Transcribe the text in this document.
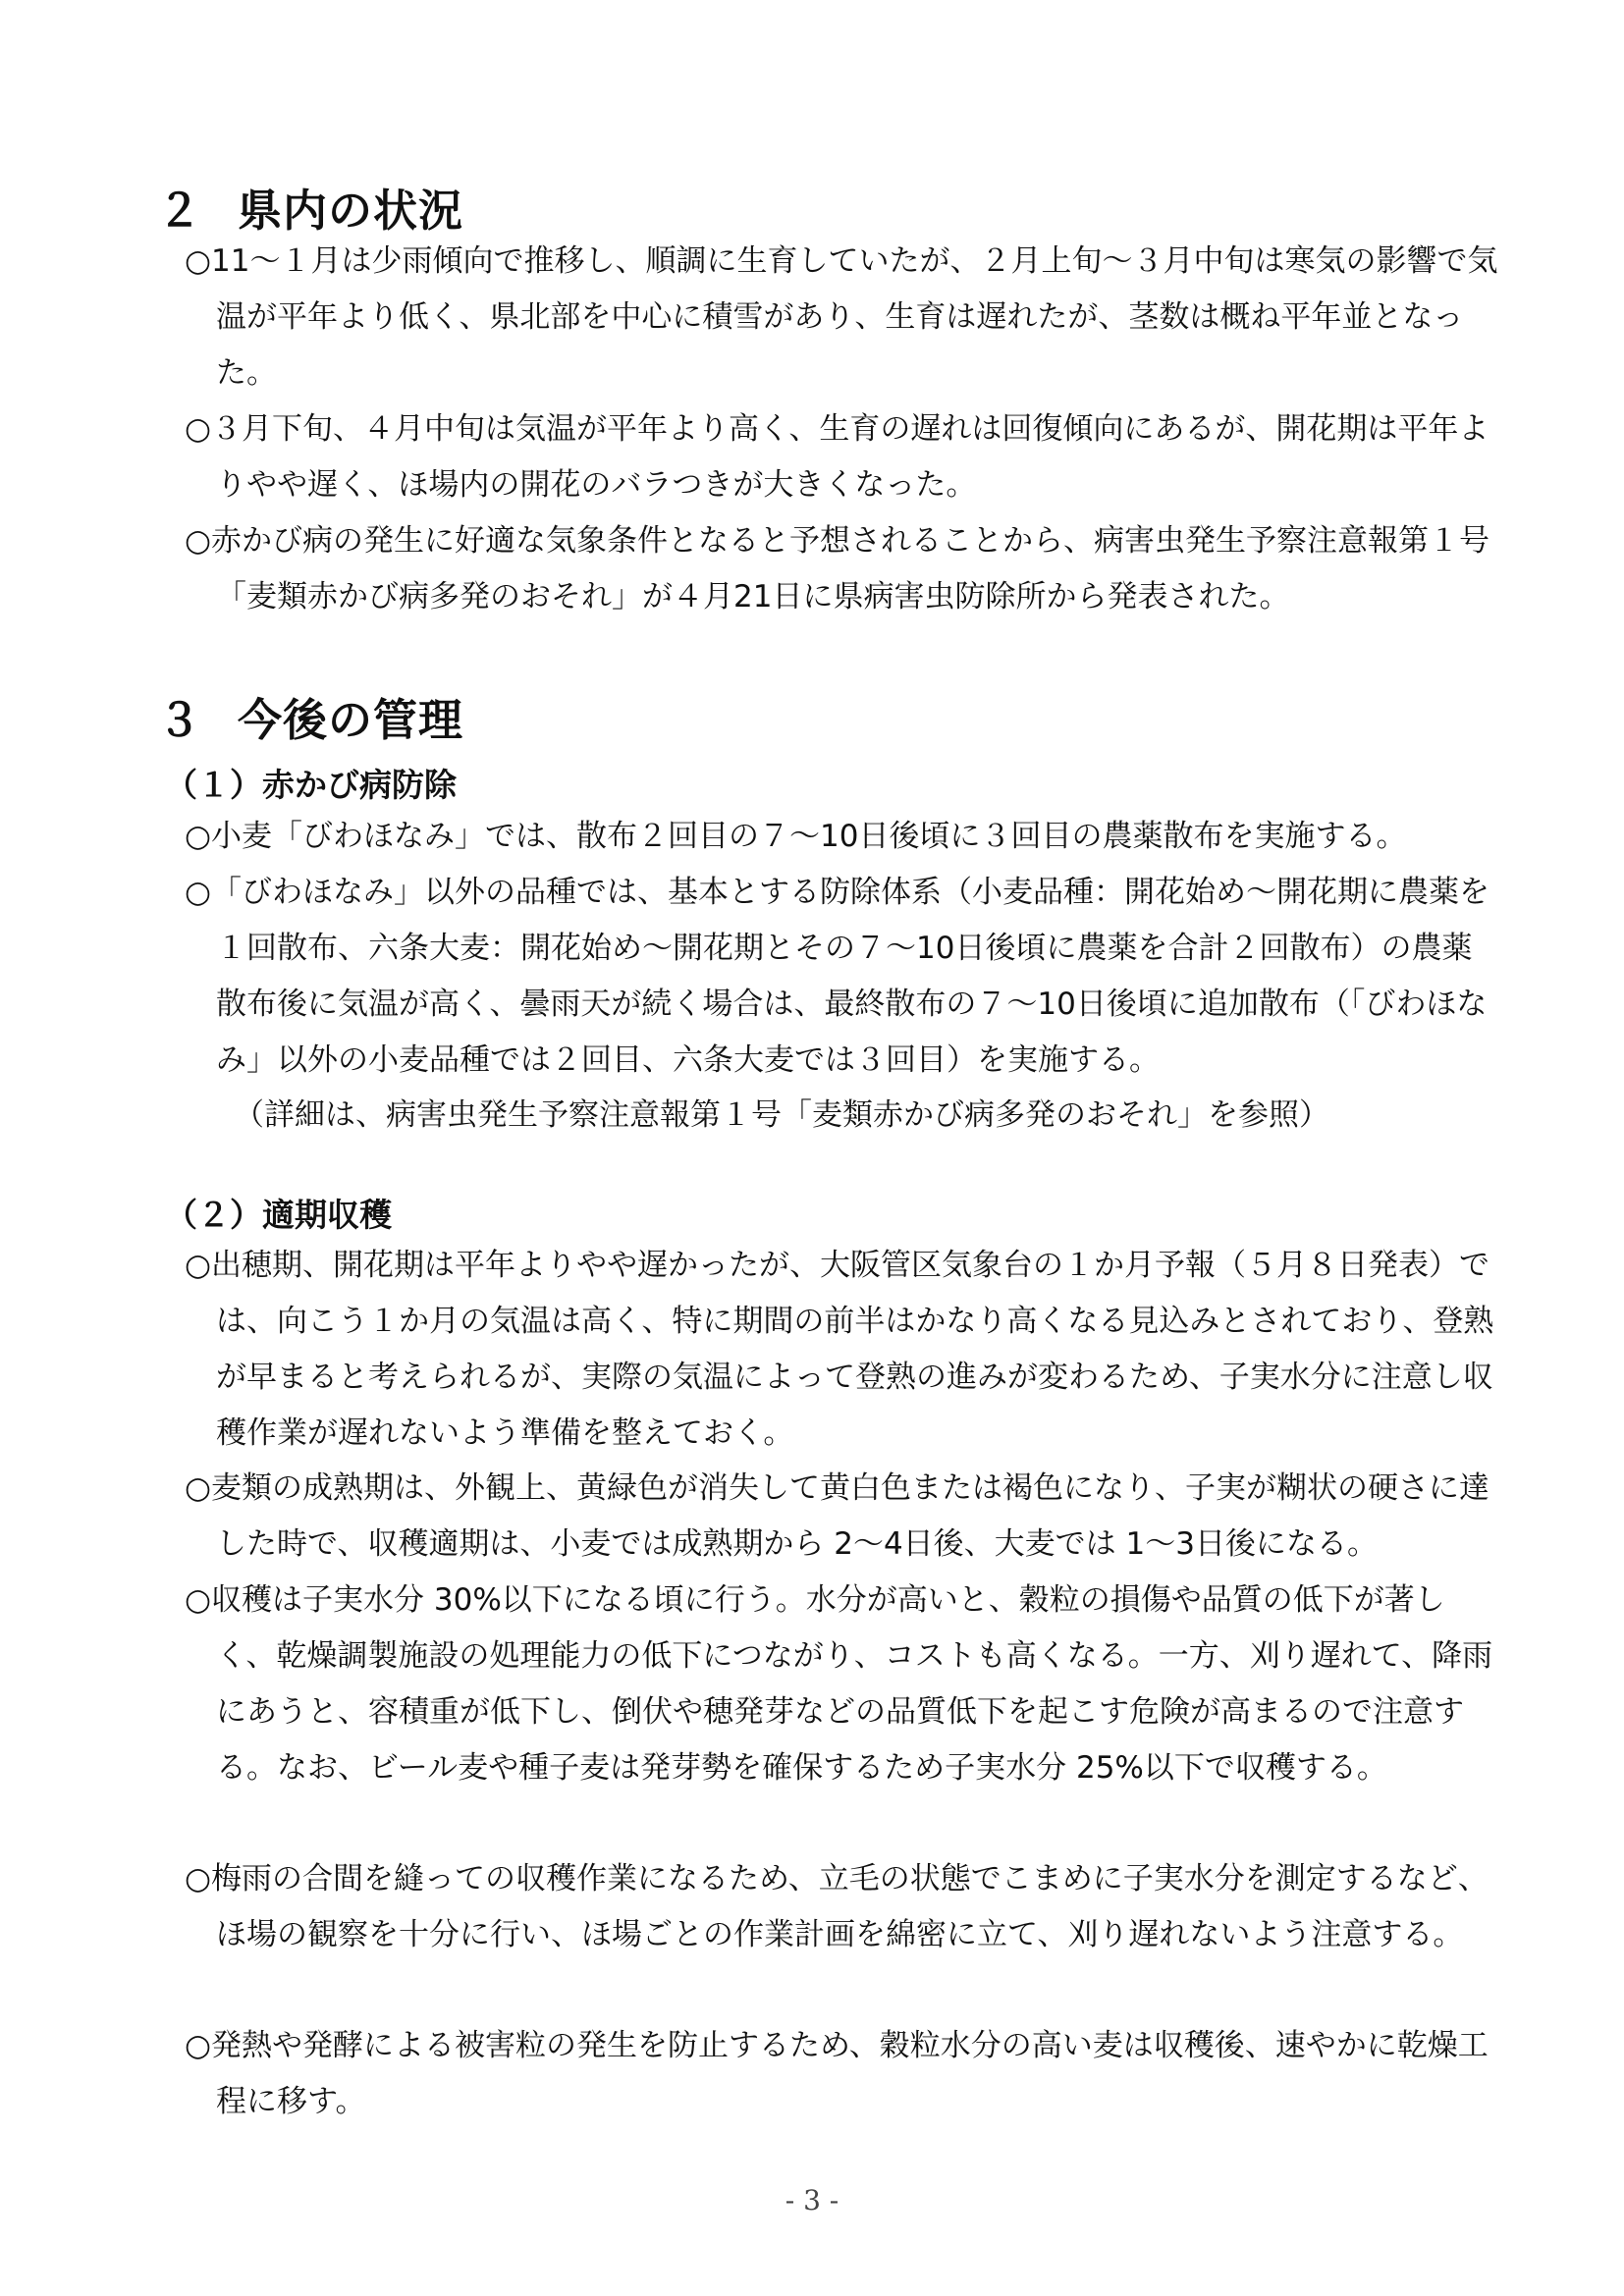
２ 県内の状況
○11～１月は少雨傾向で推移し、順調に生育していたが、２月上旬～３月中旬は寒気の影響で気温が平年より低く、県北部を中心に積雪があり、生育は遅れたが、茎数は概ね平年並となった。
○３月下旬、４月中旬は気温が平年より高く、生育の遅れは回復傾向にあるが、開花期は平年よりやや遅く、ほ場内の開花のバラつきが大きくなった。
○赤かび病の発生に好適な気象条件となると予想されることから、病害虫発生予察注意報第１号「麦類赤かび病多発のおそれ」が４月21日に県病害虫防除所から発表された。
３ 今後の管理
（１）赤かび病防除
○小麦「びわほなみ」では、散布２回目の７～10日後頃に３回目の農薬散布を実施する。
○「びわほなみ」以外の品種では、基本とする防除体系（小麦品種：開花始め～開花期に農薬を１回散布、六条大麦：開花始め～開花期とその７～10日後頃に農薬を合計２回散布）の農薬散布後に気温が高く、曇雨天が続く場合は、最終散布の７～10日後頃に追加散布（「びわほなみ」以外の小麦品種では２回目、六条大麦では３回目）を実施する。
（詳細は、病害虫発生予察注意報第１号「麦類赤かび病多発のおそれ」を参照）
（２）適期収穫
○出穂期、開花期は平年よりやや遅かったが、大阪管区気象台の１か月予報（５月８日発表）では、向こう１か月の気温は高く、特に期間の前半はかなり高くなる見込みとされており、登熟が早まると考えられるが、実際の気温によって登熟の進みが変わるため、子実水分に注意し収穫作業が遅れないよう準備を整えておく。
○麦類の成熟期は、外観上、黄緑色が消失して黄白色または褐色になり、子実が糊状の硬さに達した時で、収穫適期は、小麦では成熟期から 2～4日後、大麦では 1～3日後になる。
○収穫は子実水分 30%以下になる頃に行う。水分が高いと、穀粒の損傷や品質の低下が著しく、乾燥調製施設の処理能力の低下につながり、コストも高くなる。一方、刈り遅れて、降雨にあうと、容積重が低下し、倒伏や穂発芽などの品質低下を起こす危険が高まるので注意する。なお、ビール麦や種子麦は発芽勢を確保するため子実水分 25%以下で収穫する。
○梅雨の合間を縫っての収穫作業になるため、立毛の状態でこまめに子実水分を測定するなど、ほ場の観察を十分に行い、ほ場ごとの作業計画を綿密に立て、刈り遅れないよう注意する。
○発熱や発酵による被害粒の発生を防止するため、穀粒水分の高い麦は収穫後、速やかに乾燥工程に移す。
- 3 -
